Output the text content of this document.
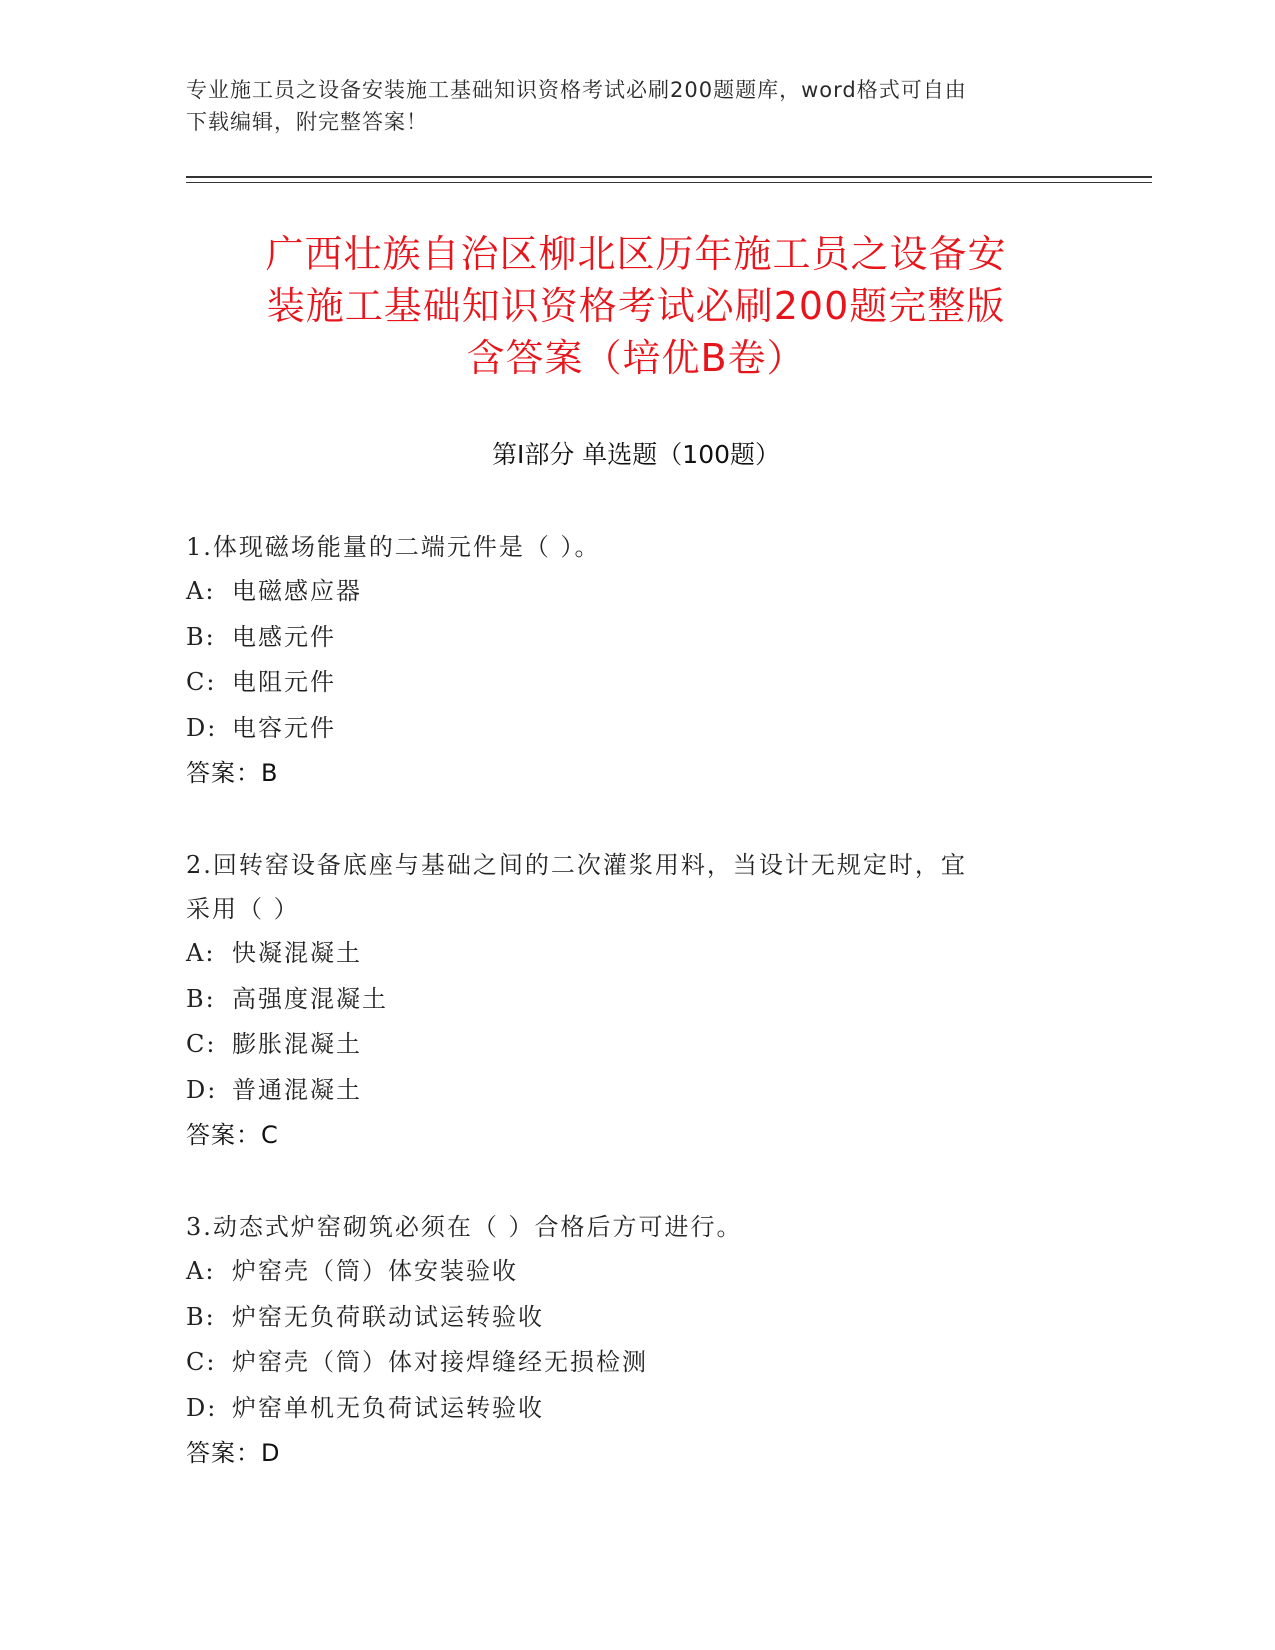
专业施工员之设备安装施工基础知识资格考试必刷200题题库，word格式可自由
下载编辑，附完整答案！
广西壮族自治区柳北区历年施工员之设备安
装施工基础知识资格考试必刷200题完整版
含答案（培优B卷）
第Ⅰ部分 单选题（100题）

1.体现磁场能量的二端元件是（ ）。

A: 电磁感应器

B: 电感元件

C: 电阻元件

D: 电容元件

答案：B

2.回转窑设备底座与基础之间的二次灌浆用料，当设计无规定时，宜

采用（ ）

A: 快凝混凝土

B: 高强度混凝土

C: 膨胀混凝土

D: 普通混凝土

答案：C

3.动态式炉窑砌筑必须在（ ）合格后方可进行。

A: 炉窑壳（筒）体安装验收

B: 炉窑无负荷联动试运转验收

C: 炉窑壳（筒）体对接焊缝经无损检测

D: 炉窑单机无负荷试运转验收

答案：D
